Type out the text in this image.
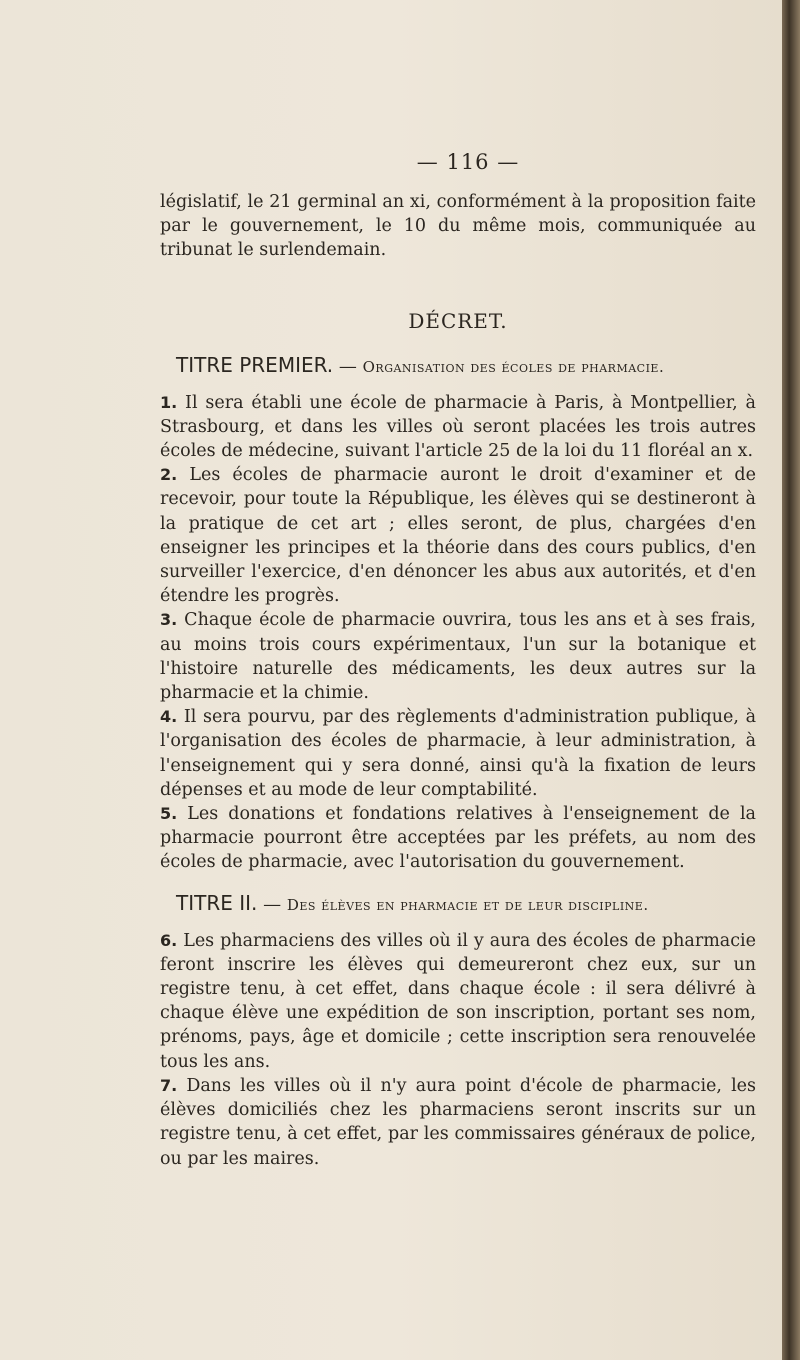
— 116 —

législatif, le 21 germinal an xi, conformément à la proposition faite par le gouvernement, le 10 du même mois, communiquée au tribunat le surlendemain.

DÉCRET.
TITRE PREMIER. — Organisation des écoles de pharmacie.

1. Il sera établi une école de pharmacie à Paris, à Montpellier, à Strasbourg, et dans les villes où seront placées les trois autres écoles de médecine, suivant l'article 25 de la loi du 11 floréal an x.

2. Les écoles de pharmacie auront le droit d'examiner et de recevoir, pour toute la République, les élèves qui se destineront à la pratique de cet art ; elles seront, de plus, chargées d'en enseigner les principes et la théorie dans des cours publics, d'en surveiller l'exercice, d'en dénoncer les abus aux autorités, et d'en étendre les progrès.

3. Chaque école de pharmacie ouvrira, tous les ans et à ses frais, au moins trois cours expérimentaux, l'un sur la botanique et l'histoire naturelle des médicaments, les deux autres sur la pharmacie et la chimie.

4. Il sera pourvu, par des règlements d'administration publique, à l'organisation des écoles de pharmacie, à leur administration, à l'enseignement qui y sera donné, ainsi qu'à la fixation de leurs dépenses et au mode de leur comptabilité.

5. Les donations et fondations relatives à l'enseignement de la pharmacie pourront être acceptées par les préfets, au nom des écoles de pharmacie, avec l'autorisation du gouvernement.

TITRE II. — Des élèves en pharmacie et de leur discipline.

6. Les pharmaciens des villes où il y aura des écoles de pharmacie feront inscrire les élèves qui demeureront chez eux, sur un registre tenu, à cet effet, dans chaque école : il sera délivré à chaque élève une expédition de son inscription, portant ses nom, prénoms, pays, âge et domicile ; cette inscription sera renouvelée tous les ans.

7. Dans les villes où il n'y aura point d'école de pharmacie, les élèves domiciliés chez les pharmaciens seront inscrits sur un registre tenu, à cet effet, par les commissaires généraux de police, ou par les maires.
